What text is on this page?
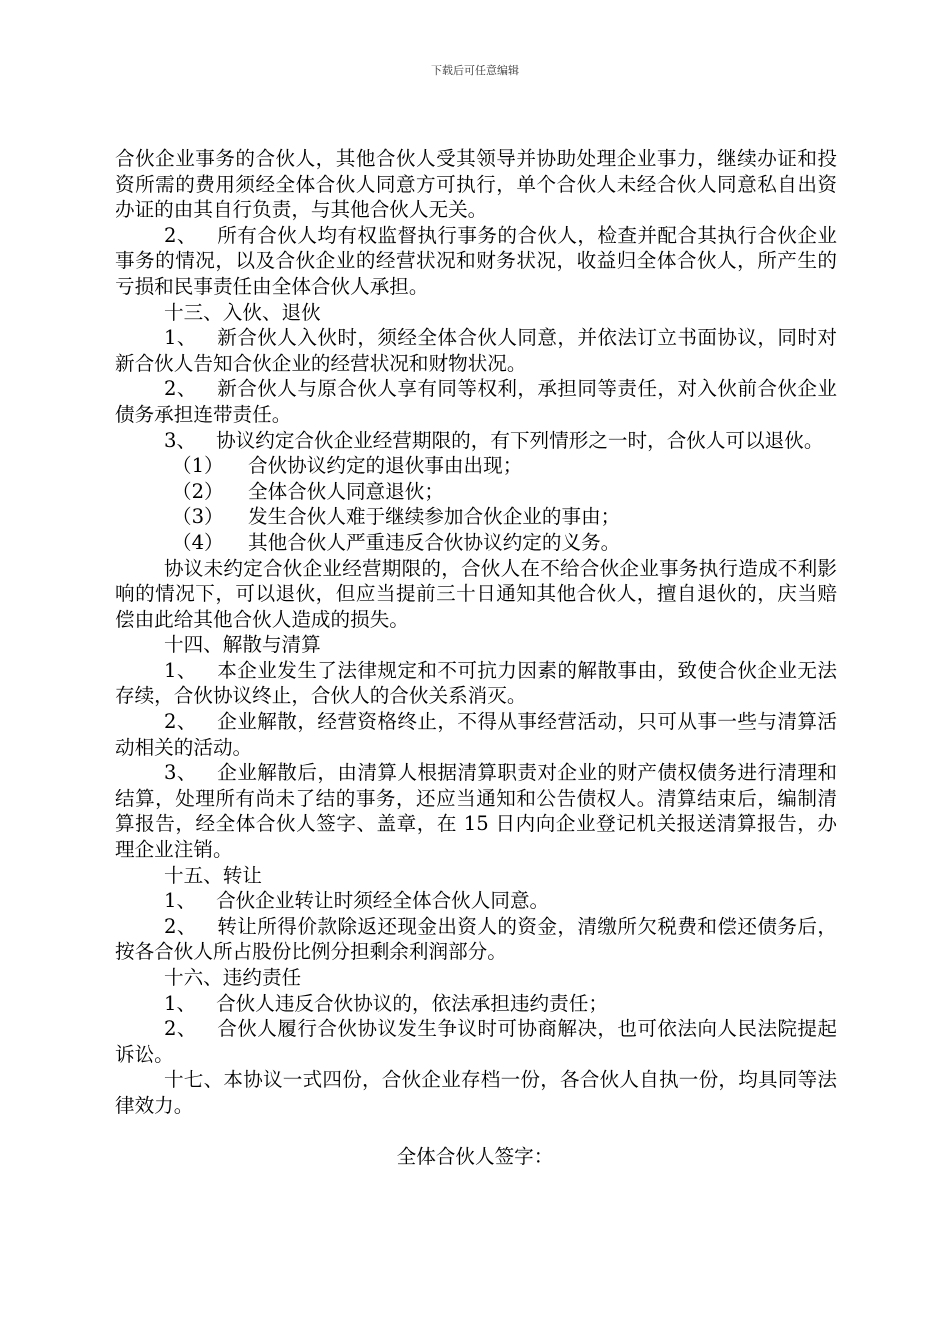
下载后可任意编辑

合伙企业事务的合伙人，其他合伙人受其领导并协助处理企业事力，继续办证和投资所需的费用须经全体合伙人同意方可执行，单个合伙人未经合伙人同意私自出资办证的由其自行负责，与其他合伙人无关。

2、 所有合伙人均有权监督执行事务的合伙人，检查并配合其执行合伙企业事务的情况，以及合伙企业的经营状况和财务状况，收益归全体合伙人，所产生的亏损和民事责任由全体合伙人承担。

十三、入伙、退伙

1、 新合伙人入伙时，须经全体合伙人同意，并依法订立书面协议，同时对新合伙人告知合伙企业的经营状况和财物状况。

2、 新合伙人与原合伙人享有同等权利，承担同等责任，对入伙前合伙企业债务承担连带责任。

3、 协议约定合伙企业经营期限的，有下列情形之一时，合伙人可以退伙。

（1） 合伙协议约定的退伙事由出现；

（2） 全体合伙人同意退伙；

（3） 发生合伙人难于继续参加合伙企业的事由；

（4） 其他合伙人严重违反合伙协议约定的义务。

协议未约定合伙企业经营期限的，合伙人在不给合伙企业事务执行造成不利影响的情况下，可以退伙，但应当提前三十日通知其他合伙人，擅自退伙的，庆当赔偿由此给其他合伙人造成的损失。

十四、解散与清算

1、 本企业发生了法律规定和不可抗力因素的解散事由，致使合伙企业无法存续，合伙协议终止，合伙人的合伙关系消灭。

2、 企业解散，经营资格终止，不得从事经营活动，只可从事一些与清算活动相关的活动。

3、 企业解散后，由清算人根据清算职责对企业的财产债权债务进行清理和结算，处理所有尚未了结的事务，还应当通知和公告债权人。清算结束后，编制清算报告，经全体合伙人签字、盖章，在 15 日内向企业登记机关报送清算报告，办理企业注销。

十五、转让

1、 合伙企业转让时须经全体合伙人同意。

2、 转让所得价款除返还现金出资人的资金，清缴所欠税费和偿还债务后，按各合伙人所占股份比例分担剩余利润部分。

十六、违约责任

1、 合伙人违反合伙协议的，依法承担违约责任；

2、 合伙人履行合伙协议发生争议时可协商解决，也可依法向人民法院提起诉讼。

十七、本协议一式四份，合伙企业存档一份，各合伙人自执一份，均具同等法律效力。

全体合伙人签字：
